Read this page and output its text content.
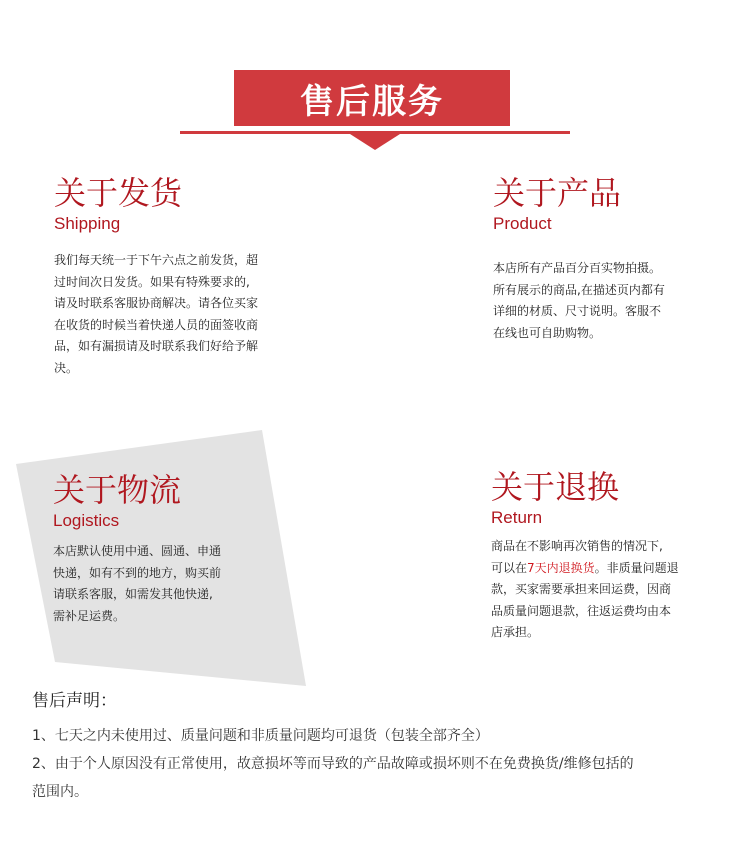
售后服务
关于发货
Shipping
我们每天统一于下午六点之前发货，超
过时间次日发货。如果有特殊要求的,
请及时联系客服协商解决。请各位买家
在收货的时候当着快递人员的面签收商
品，如有漏损请及时联系我们好给予解
决。
关于产品
Product
本店所有产品百分百实物拍摄。
所有展示的商品,在描述页内都有
详细的材质、尺寸说明。客服不
在线也可自助购物。
关于物流
Logistics
本店默认使用中通、圆通、申通
快递，如有不到的地方，购买前
请联系客服，如需发其他快递,
需补足运费。
关于退换
Return
商品在不影响再次销售的情况下,
可以在7天内退换货。非质量问题退
款，买家需要承担来回运费，因商
品质量问题退款，往返运费均由本
店承担。
售后声明：
1、七天之内未使用过、质量问题和非质量问题均可退货（包装全部齐全）
2、由于个人原因没有正常使用，故意损坏等而导致的产品故障或损坏则不在免费换货/维修包括的
范围内。
